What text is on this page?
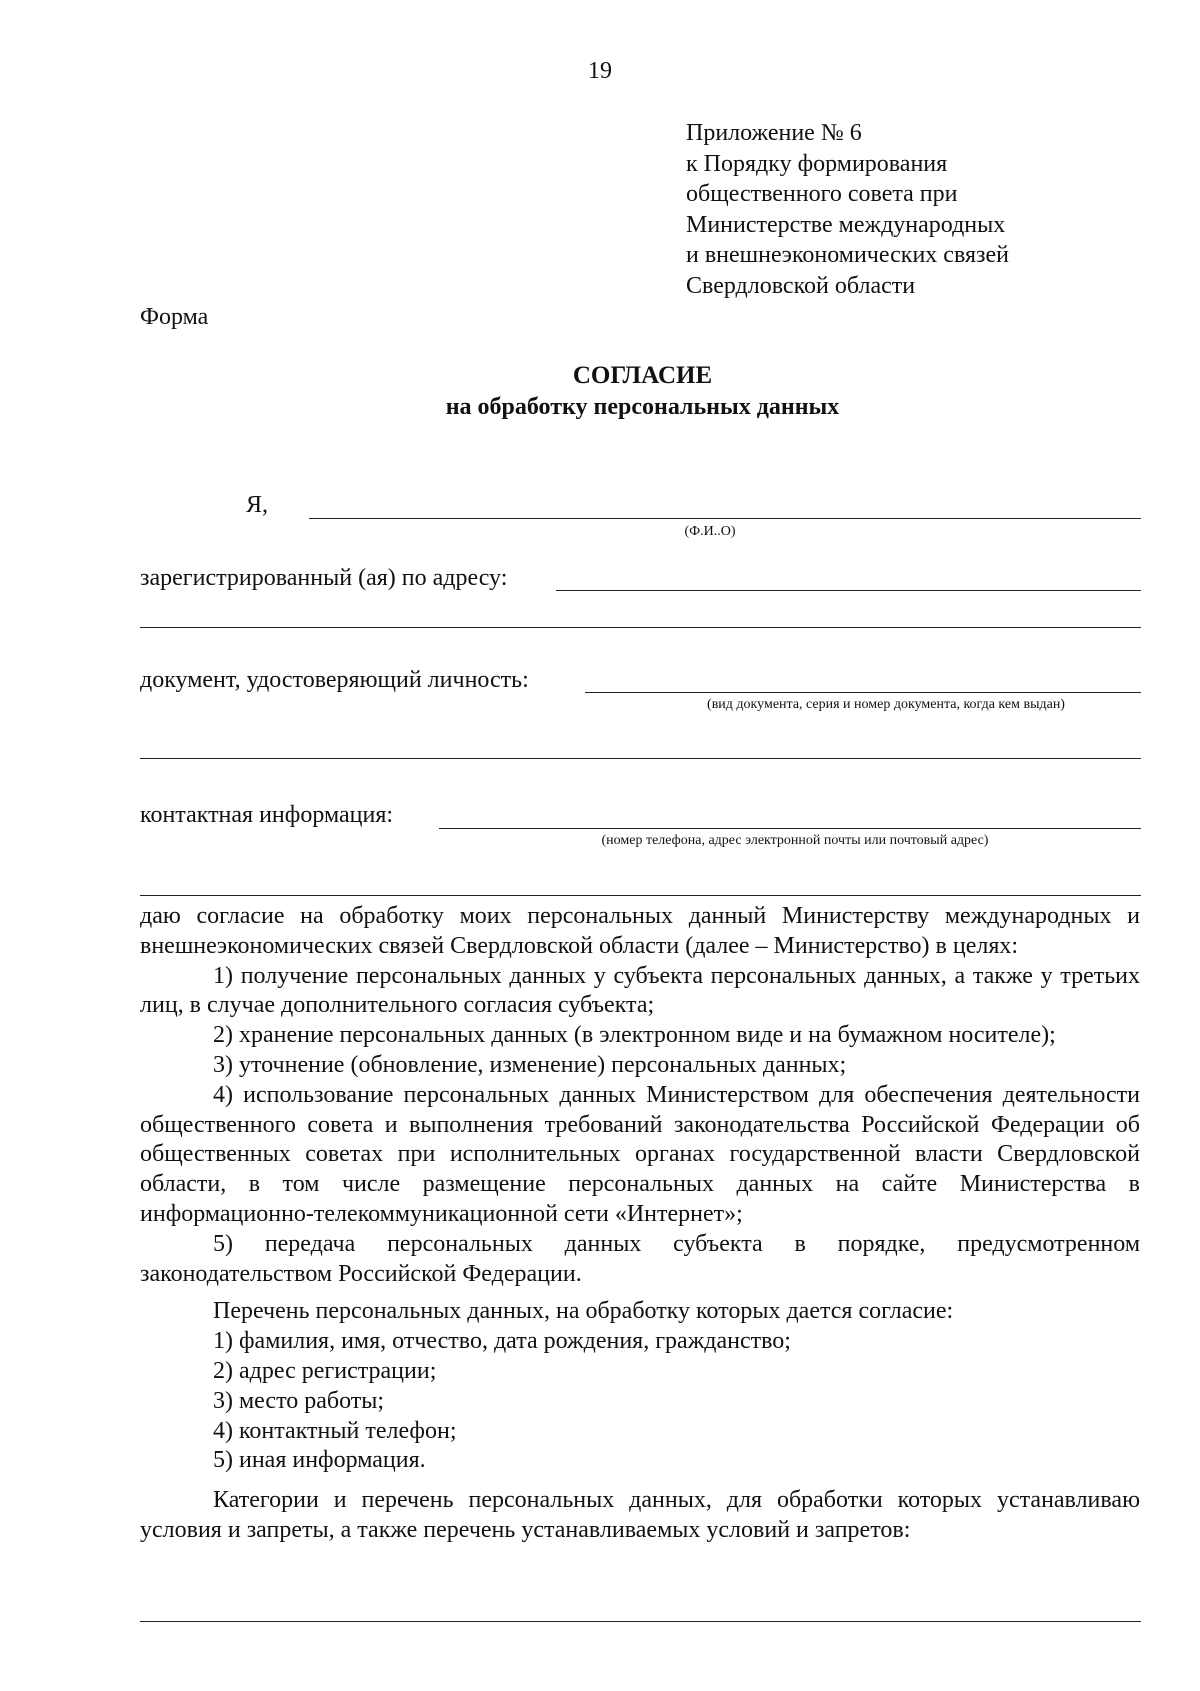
19
Приложение № 6
к Порядку формирования
общественного совета при
Министерстве международных
и внешнеэкономических связей
Свердловской области
Форма
СОГЛАСИЕ
на обработку персональных данных
Я,
(Ф.И..О)
зарегистрированный (ая) по адресу:
документ, удостоверяющий личность:
(вид документа, серия и номер документа, когда кем выдан)
контактная информация:
(номер телефона, адрес электронной почты или почтовый адрес)

даю согласие на обработку моих персональных данный Министерству международных и внешнеэкономических связей Свердловской области (далее – Министерство) в целях:

1) получение персональных данных у субъекта персональных данных, а также у третьих лиц, в случае дополнительного согласия субъекта;

2) хранение персональных данных (в электронном виде и на бумажном носителе);

3) уточнение (обновление, изменение) персональных данных;

4) использование персональных данных Министерством для обеспечения деятельности общественного совета и выполнения требований законодательства Российской Федерации об общественных советах при исполнительных органах государственной власти Свердловской области, в том числе размещение персональных данных на сайте Министерства в информационно-телекоммуникационной сети «Интернет»;

5) передача персональных данных субъекта в порядке, предусмотренном законодательством Российской Федерации.

Перечень персональных данных, на обработку которых дается согласие:

1) фамилия, имя, отчество, дата рождения, гражданство;

2) адрес регистрации;

3) место работы;

4) контактный телефон;

5) иная информация.

Категории и перечень персональных данных, для обработки которых устанавливаю условия и запреты, а также перечень устанавливаемых условий и запретов:
